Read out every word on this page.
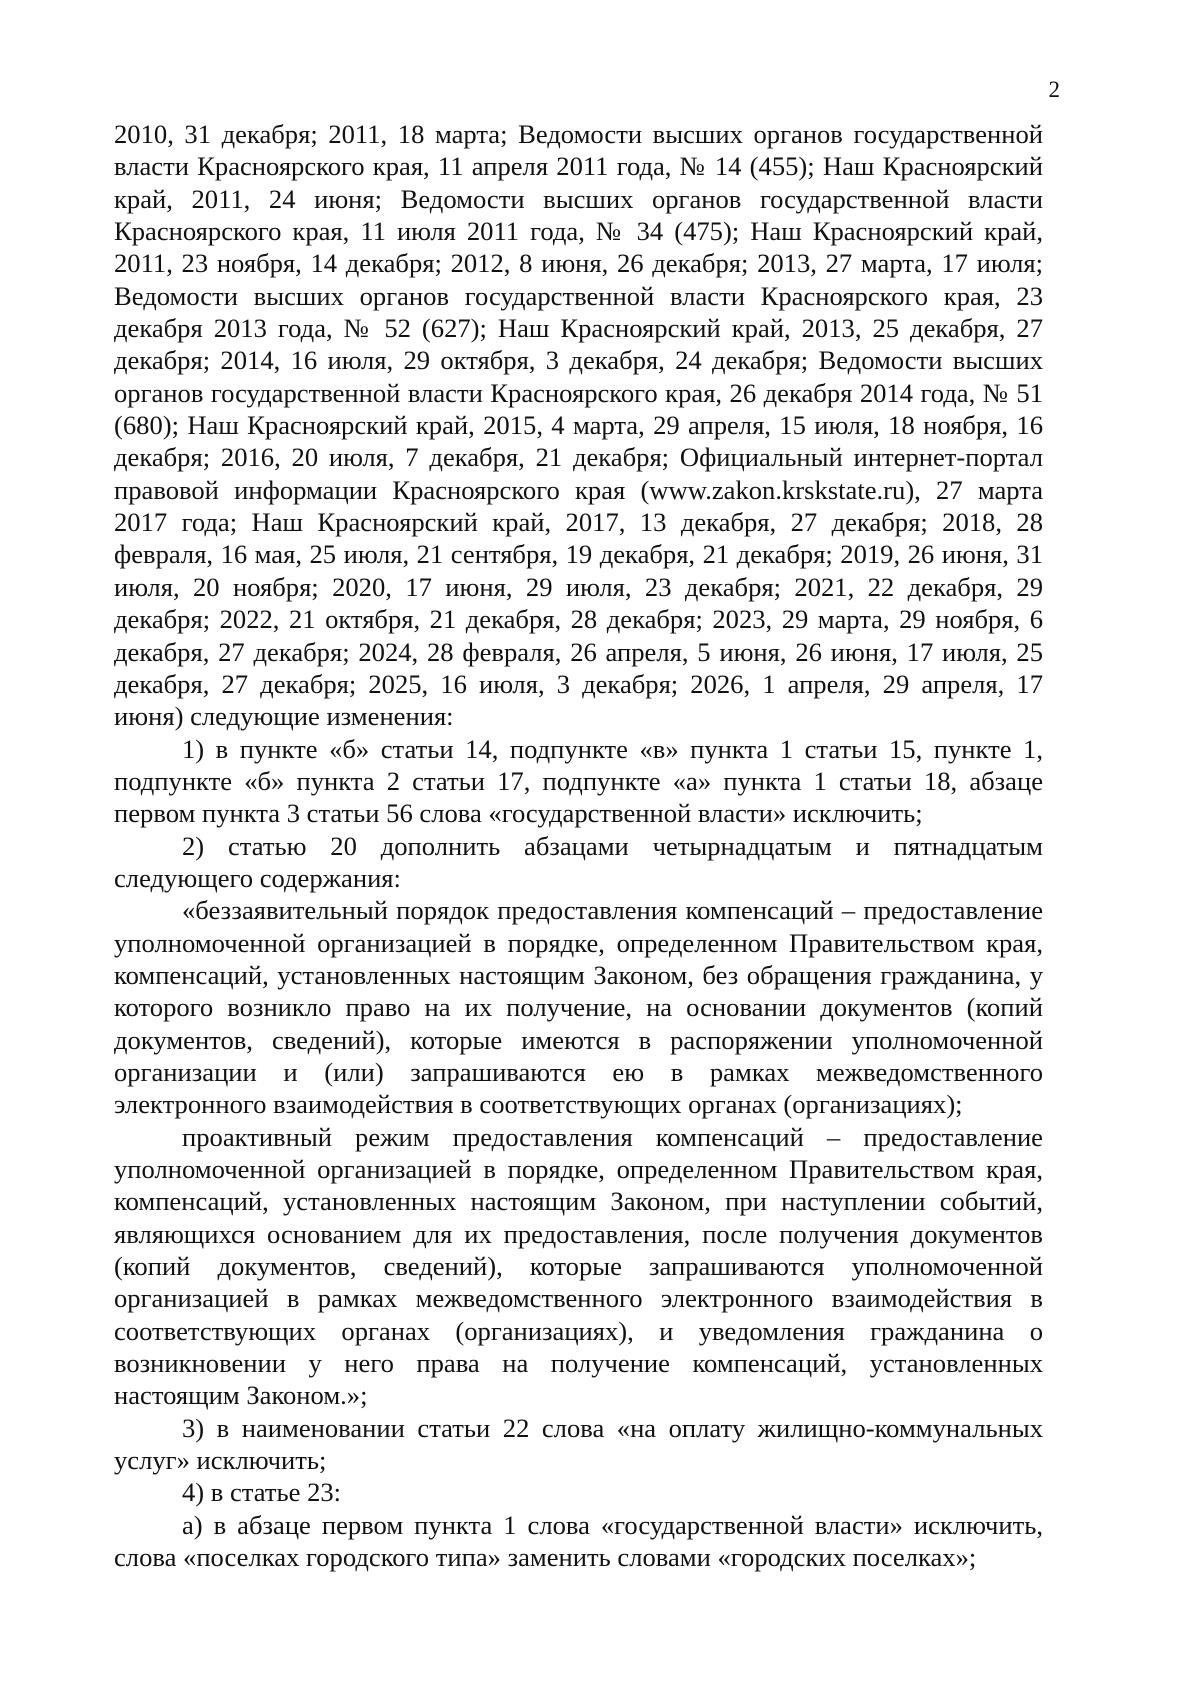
2

2010, 31 декабря; 2011, 18 марта; Ведомости высших органов государственной власти Красноярского края, 11 апреля 2011 года, № 14 (455); Наш Красноярский край, 2011, 24 июня; Ведомости высших органов государственной власти Красноярского края, 11 июля 2011 года, № 34 (475); Наш Красноярский край, 2011, 23 ноября, 14 декабря; 2012, 8 июня, 26 декабря; 2013, 27 марта, 17 июля; Ведомости высших органов государственной власти Красноярского края, 23 декабря 2013 года, № 52 (627); Наш Красноярский край, 2013, 25 декабря, 27 декабря; 2014, 16 июля, 29 октября, 3 декабря, 24 декабря; Ведомости высших органов государственной власти Красноярского края, 26 декабря 2014 года, № 51 (680); Наш Красноярский край, 2015, 4 марта, 29 апреля, 15 июля, 18 ноября, 16 декабря; 2016, 20 июля, 7 декабря, 21 декабря; Официальный интернет-портал правовой информации Красноярского края (www.zakon.krskstate.ru), 27 марта 2017 года; Наш Красноярский край, 2017, 13 декабря, 27 декабря; 2018, 28 февраля, 16 мая, 25 июля, 21 сентября, 19 декабря, 21 декабря; 2019, 26 июня, 31 июля, 20 ноября; 2020, 17 июня, 29 июля, 23 декабря; 2021, 22 декабря, 29 декабря; 2022, 21 октября, 21 декабря, 28 декабря; 2023, 29 марта, 29 ноября, 6 декабря, 27 декабря; 2024, 28 февраля, 26 апреля, 5 июня, 26 июня, 17 июля, 25 декабря, 27 декабря; 2025, 16 июля, 3 декабря; 2026, 1 апреля, 29 апреля, 17 июня) следующие изменения:

1) в пункте «б» статьи 14, подпункте «в» пункта 1 статьи 15, пункте 1, подпункте «б» пункта 2 статьи 17, подпункте «а» пункта 1 статьи 18, абзаце первом пункта 3 статьи 56 слова «государственной власти» исключить;

2) статью 20 дополнить абзацами четырнадцатым и пятнадцатым следующего содержания:

«беззаявительный порядок предоставления компенсаций – предоставление уполномоченной организацией в порядке, определенном Правительством края, компенсаций, установленных настоящим Законом, без обращения гражданина, у которого возникло право на их получение, на основании документов (копий документов, сведений), которые имеются в распоряжении уполномоченной организации и (или) запрашиваются ею в рамках межведомственного электронного взаимодействия в соответствующих органах (организациях);

проактивный режим предоставления компенсаций – предоставление уполномоченной организацией в порядке, определенном Правительством края, компенсаций, установленных настоящим Законом, при наступлении событий, являющихся основанием для их предоставления, после получения документов (копий документов, сведений), которые запрашиваются уполномоченной организацией в рамках межведомственного электронного взаимодействия в соответствующих органах (организациях), и уведомления гражданина о возникновении у него права на получение компенсаций, установленных настоящим Законом.»;

3) в наименовании статьи 22 слова «на оплату жилищно-коммунальных услуг» исключить;

4) в статье 23:

а) в абзаце первом пункта 1 слова «государственной власти» исключить, слова «поселках городского типа» заменить словами «городских поселках»;
